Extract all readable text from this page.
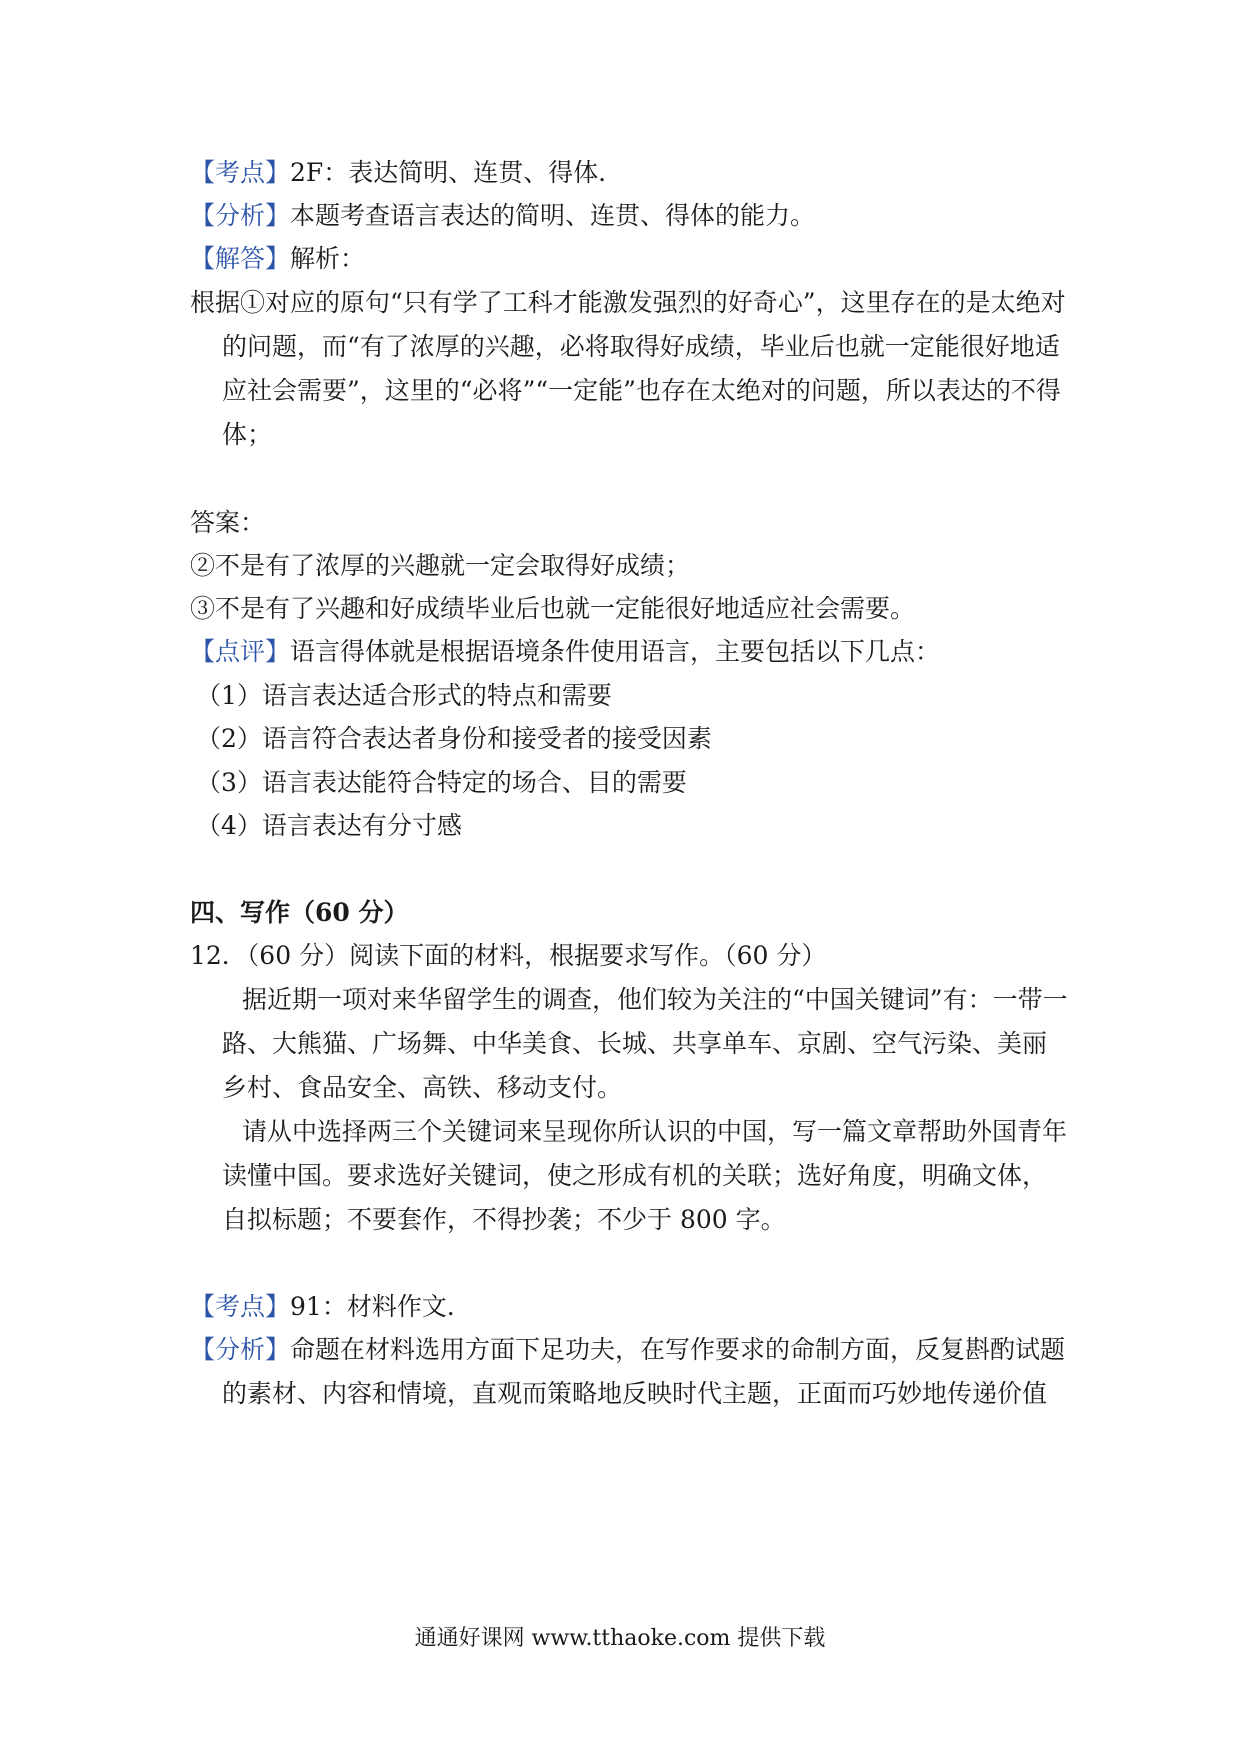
【考点】2F：表达简明、连贯、得体．
【分析】本题考查语言表达的简明、连贯、得体的能力。
【解答】解析：
根据①对应的原句“只有学了工科才能激发强烈的好奇心”，这里存在的是太绝对
的问题，而“有了浓厚的兴趣，必将取得好成绩，毕业后也就一定能很好地适
应社会需要”，这里的“必将”“一定能”也存在太绝对的问题，所以表达的不得
体；
答案：
②不是有了浓厚的兴趣就一定会取得好成绩；
③不是有了兴趣和好成绩毕业后也就一定能很好地适应社会需要。
【点评】语言得体就是根据语境条件使用语言，主要包括以下几点：
（1）语言表达适合形式的特点和需要
（2）语言符合表达者身份和接受者的接受因素
（3）语言表达能符合特定的场合、目的需要
（4）语言表达有分寸感
四、写作（60 分）
12．（60 分）阅读下面的材料，根据要求写作。（60 分）
据近期一项对来华留学生的调查，他们较为关注的“中国关键词”有：一带一
路、大熊猫、广场舞、中华美食、长城、共享单车、京剧、空气污染、美丽
乡村、食品安全、高铁、移动支付。
请从中选择两三个关键词来呈现你所认识的中国，写一篇文章帮助外国青年
读懂中国。要求选好关键词，使之形成有机的关联；选好角度，明确文体，
自拟标题；不要套作，不得抄袭；不少于 800 字。
【考点】91：材料作文．
【分析】命题在材料选用方面下足功夫，在写作要求的命制方面，反复斟酌试题
的素材、内容和情境，直观而策略地反映时代主题，正面而巧妙地传递价值
通通好课网 www.tthaoke.com 提供下载
